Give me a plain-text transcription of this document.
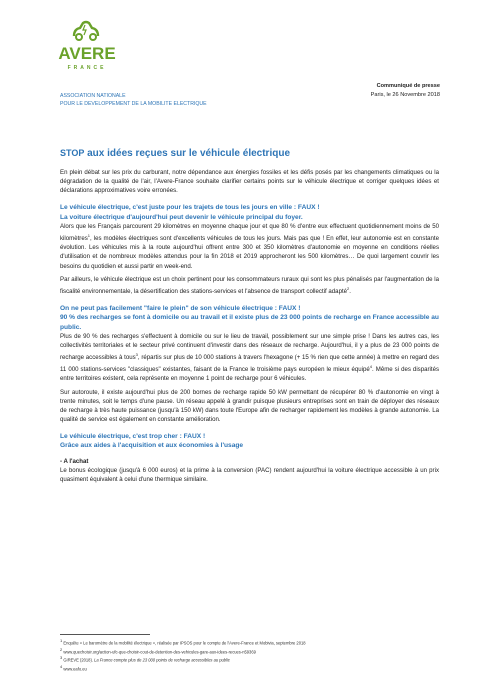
AVERE
FRANCE
ASSOCIATION NATIONALE
POUR LE DEVELOPPEMENT DE LA MOBILITE ELECTRIQUE
Communiqué de presse
Paris, le 26 Novembre 2018
STOP aux idées reçues sur le véhicule électrique

En plein débat sur les prix du carburant, notre dépendance aux énergies fossiles et les défis posés par les changements climatiques ou la dégradation de la qualité de l'air, l'Avere-France souhaite clarifier certains points sur le véhicule électrique et corriger quelques idées et déclarations approximatives voire erronées.

Le véhicule électrique, c'est juste pour les trajets de tous les jours en ville : FAUX !
La voiture électrique d'aujourd'hui peut devenir le véhicule principal du foyer.

Alors que les Français parcourent 29 kilomètres en moyenne chaque jour et que 80 % d'entre eux effectuent quotidiennement moins de 50 kilomètres$^1$, les modèles électriques sont d'excellents véhicules de tous les jours. Mais pas que ! En effet, leur autonomie est en constante évolution. Les véhicules mis à la route aujourd'hui offrent entre 300 et 350 kilomètres d'autonomie en moyenne en conditions réelles d'utilisation et de nombreux modèles attendus pour la fin 2018 et 2019 approcheront les 500 kilomètres… De quoi largement couvrir les besoins du quotidien et aussi partir en week-end.

Par ailleurs, le véhicule électrique est un choix pertinent pour les consommateurs ruraux qui sont les plus pénalisés par l'augmentation de la fiscalité environnementale, la désertification des stations-services et l'absence de transport collectif adapté$^2$.

On ne peut pas facilement "faire le plein" de son véhicule électrique : FAUX !
90 % des recharges se font à domicile ou au travail et il existe plus de 23 000 points de recharge en France accessible au public.

Plus de 90 % des recharges s'effectuent à domicile ou sur le lieu de travail, possiblement sur une simple prise ! Dans les autres cas, les collectivités territoriales et le secteur privé continuent d'investir dans des réseaux de recharge. Aujourd'hui, il y a plus de 23 000 points de recharge accessibles à tous$^3$, répartis sur plus de 10 000 stations à travers l'hexagone (+ 15 % rien que cette année) à mettre en regard des 11 000 stations-services "classiques" existantes, faisant de la France le troisième pays européen le mieux équipé$^4$. Même si des disparités entre territoires existent, cela représente en moyenne 1 point de recharge pour 6 véhicules.

Sur autoroute, il existe aujourd'hui plus de 200 bornes de recharge rapide 50 kW permettant de récupérer 80 % d'autonomie en vingt à trente minutes, soit le temps d'une pause. Un réseau appelé à grandir puisque plusieurs entreprises sont en train de déployer des réseaux de recharge à très haute puissance (jusqu'à 150 kW) dans toute l'Europe afin de recharger rapidement les modèles à grande autonomie. La qualité de service est également en constante amélioration.

Le véhicule électrique, c'est trop cher : FAUX !
Grâce aux aides à l'acquisition et aux économies à l'usage
- A l'achat

Le bonus écologique (jusqu'à 6 000 euros) et la prime à la conversion (PAC) rendent aujourd'hui la voiture électrique accessible à un prix quasiment équivalent à celui d'une thermique similaire.

$^1$ Enquête « Le baromètre de la mobilité électrique », réalisée par IPSOS pour le compte de l'Avere-France et Mobivia, septembre 2018
$^2$ www.quechoisir.org/action-ufc-que-choisir-cout-de-detention-des-vehicules-gare-aux-idees-recues-n59369
$^3$ GIREVE (2018). La France compte plus de 23 000 points de recharge accessibles au public
$^4$ www.eafo.eu
